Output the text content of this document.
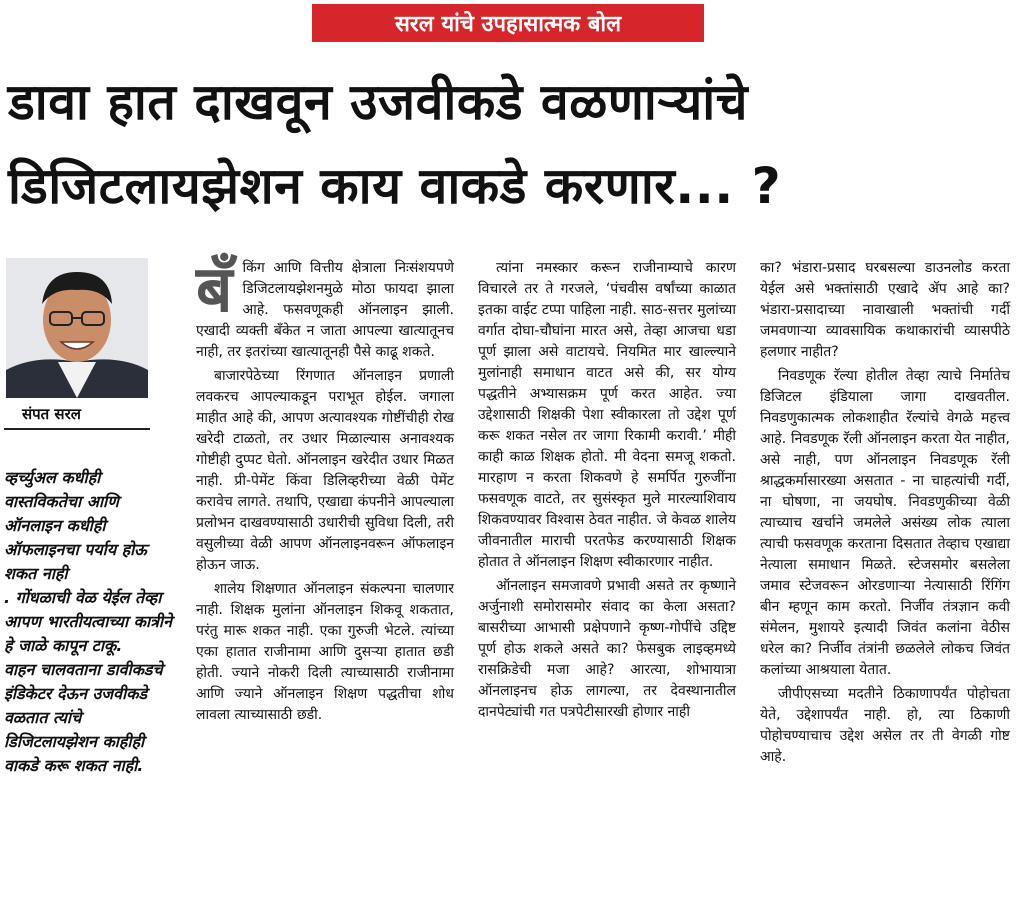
सरल यांचे उपहासात्मक बोल
डावा हात दाखवून उजवीकडे वळणाऱ्यांचे
डिजिटलायझेशन काय वाकडे करणार... ?
संपत सरल

व्हर्च्युअल कधीही वास्तविकतेचा आणि ऑनलाइन कधीही ऑफलाइनचा पर्याय होऊ शकत नाही

. गोंधळाची वेळ येईल तेव्हा आपण भारतीयत्वाच्या कात्रीने हे जाळे कापून टाकू.

वाहन चालवताना डावीकडचे इंडिकेटर देऊन उजवीकडे वळतात त्यांचे डिजिटलायझेशन काहीही वाकडे करू शकत नाही.

बँ किंग आणि वित्तीय क्षेत्राला निःसंशयपणे डिजिटलायझेशनमुळे मोठा फायदा झाला आहे. फसवणूकही ऑनलाइन झाली. एखादी व्यक्ती बँकेत न जाता आपल्या खात्यातूनच नाही, तर इतरांच्या खात्यातूनही पैसे काढू शकते.

बाजारपेठेच्या रिंगणात ऑनलाइन प्रणाली लवकरच आपल्याकडून पराभूत होईल. जगाला माहीत आहे की, आपण अत्यावश्यक गोष्टींचीही रोख खरेदी टाळतो, तर उधार मिळाल्यास अनावश्यक गोष्टीही दुप्पट घेतो. ऑनलाइन खरेदीत उधार मिळत नाही. प्री-पेमेंट किंवा डिलिव्हरीच्या वेळी पेमेंट करावेच लागते. तथापि, एखाद्या कंपनीने आपल्याला प्रलोभन दाखवण्यासाठी उधारीची सुविधा दिली, तरी वसुलीच्या वेळी आपण ऑनलाइनवरून ऑफलाइन होऊन जाऊ.

शालेय शिक्षणात ऑनलाइन संकल्पना चालणार नाही. शिक्षक मुलांना ऑनलाइन शिकवू शकतात, परंतु मारू शकत नाही. एका गुरुजी भेटले. त्यांच्या एका हातात राजीनामा आणि दुसऱ्या हातात छडी होती. ज्याने नोकरी दिली त्याच्यासाठी राजीनामा आणि ज्याने ऑनलाइन शिक्षण पद्धतीचा शोध लावला त्याच्यासाठी छडी.

त्यांना नमस्कार करून राजीनाम्याचे कारण विचारले तर ते गरजले, ‘पंचवीस वर्षांच्या काळात इतका वाईट टप्पा पाहिला नाही. साठ-सत्तर मुलांच्या वर्गात दोघा-चौघांना मारत असे, तेव्हा आजचा धडा पूर्ण झाला असे वाटायचे. नियमित मार खाल्ल्याने मुलांनाही समाधान वाटत असे की, सर योग्य पद्धतीने अभ्यासक्रम पूर्ण करत आहेत. ज्या उद्देशासाठी शिक्षकी पेशा स्वीकारला तो उद्देश पूर्ण करू शकत नसेल तर जागा रिकामी करावी.’ मीही काही काळ शिक्षक होतो. मी वेदना समजू शकतो. मारहाण न करता शिकवणे हे समर्पित गुरुजींना फसवणूक वाटते, तर सुसंस्कृत मुले मारल्याशिवाय शिकवण्यावर विश्वास ठेवत नाहीत. जे केवळ शालेय जीवनातील माराची परतफेड करण्यासाठी शिक्षक होतात ते ऑनलाइन शिक्षण स्वीकारणार नाहीत.

ऑनलाइन समजावणे प्रभावी असते तर कृष्णाने अर्जुनाशी समोरासमोर संवाद का केला असता? बासरीच्या आभासी प्रक्षेपणाने कृष्ण-गोपींचे उद्दिष्ट पूर्ण होऊ शकले असते का? फेसबुक लाइव्हमध्ये रासक्रिडेची मजा आहे? आरत्या, शोभायात्रा ऑनलाइनच होऊ लागल्या, तर देवस्थानातील दानपेट्यांची गत पत्रपेटीसारखी होणार नाही

का? भंडारा-प्रसाद घरबसल्या डाउनलोड करता येईल असे भक्तांसाठी एखादे ॲप आहे का? भंडारा-प्रसादाच्या नावाखाली भक्तांची गर्दी जमवणाऱ्या व्यावसायिक कथाकारांची व्यासपीठे हलणार नाहीत?

निवडणूक रॅल्या होतील तेव्हा त्याचे निर्मातेच डिजिटल इंडियाला जागा दाखवतील. निवडणुकात्मक लोकशाहीत रॅल्यांचे वेगळे महत्त्व आहे. निवडणूक रॅली ऑनलाइन करता येत नाहीत, असे नाही, पण ऑनलाइन निवडणूक रॅली श्राद्धकर्मासारख्या असतात - ना चाहत्यांची गर्दी, ना घोषणा, ना जयघोष. निवडणुकीच्या वेळी त्याच्याच खर्चाने जमलेले असंख्य लोक त्याला त्याची फसवणूक करताना दिसतात तेव्हाच एखाद्या नेत्याला समाधान मिळते. स्टेजसमोर बसलेला जमाव स्टेजवरून ओरडणाऱ्या नेत्यासाठी रिंगिंग बीन म्हणून काम करतो. निर्जीव तंत्रज्ञान कवी संमेलन, मुशायरे इत्यादी जिवंत कलांना वेठीस धरेल का? निर्जीव तंत्रांनी छळलेले लोकच जिवंत कलांच्या आश्रयाला येतात.

जीपीएसच्या मदतीने ठिकाणापर्यंत पोहोचता येते, उद्देशापर्यंत नाही. हो, त्या ठिकाणी पोहोचण्याचाच उद्देश असेल तर ती वेगळी गोष्ट आहे.
